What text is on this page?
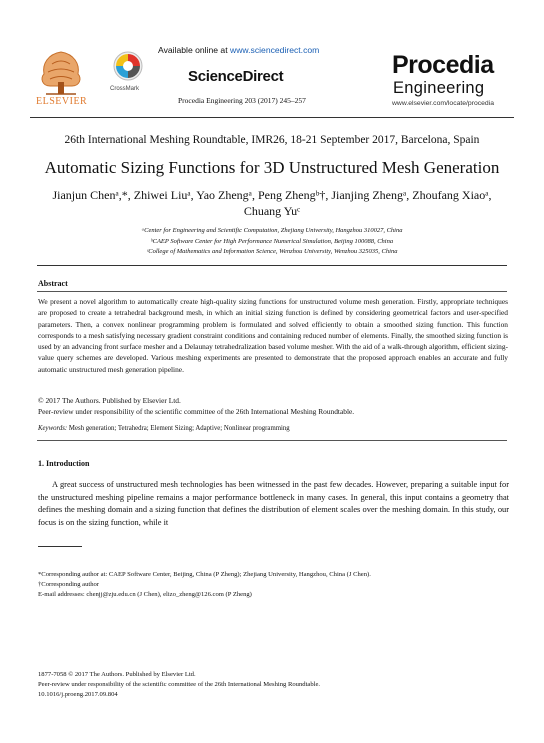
ELSEVIER
CrossMark
Available online at www.sciencedirect.com
ScienceDirect
Procedia Engineering 203 (2017) 245–257
Procedia
Engineering
www.elsevier.com/locate/procedia
26th International Meshing Roundtable, IMR26, 18-21 September 2017, Barcelona, Spain
Automatic Sizing Functions for 3D Unstructured Mesh Generation
Jianjun Chenᵃ,*, Zhiwei Liuᵃ, Yao Zhengᵃ, Peng Zhengᵇ†, Jianjing Zhengᵃ, Zhoufang Xiaoᵃ, Chuang Yuᶜ
ᵃCenter for Engineering and Scientific Computation, Zhejiang University, Hangzhou 310027, China
ᵇCAEP Software Center for High Performance Numerical Simulation, Beijing 100088, China
ᶜCollege of Mathematics and Information Science, Wenzhou University, Wenzhou 325035, China
Abstract
We present a novel algorithm to automatically create high-quality sizing functions for unstructured volume mesh generation. Firstly, appropriate techniques are proposed to create a tetrahedral background mesh, in which an initial sizing function is defined by considering geometrical factors and user-specified parameters. Then, a convex nonlinear programming problem is formulated and solved efficiently to obtain a smoothed sizing function. This function corresponds to a mesh satisfying necessary gradient constraint conditions and containing reduced number of elements. Finally, the smoothed sizing function is used by an advancing front surface mesher and a Delaunay tetrahedralization based volume mesher. With the aid of a walk-through algorithm, efficient sizing-value query schemes are developed. Various meshing experiments are presented to demonstrate that the proposed approach enables an accurate and fully automatic unstructured mesh generation pipeline.
© 2017 The Authors. Published by Elsevier Ltd.
Peer-review under responsibility of the scientific committee of the 26th International Meshing Roundtable.
Keywords: Mesh generation; Tetrahedra; Element Sizing; Adaptive; Nonlinear programming
1. Introduction
A great success of unstructured mesh technologies has been witnessed in the past few decades. However, preparing a suitable input for the unstructured meshing pipeline remains a major performance bottleneck in many cases. In general, this input contains a geometry that defines the meshing domain and a sizing function that defines the distribution of element scales over the meshing domain. In this study, our focus is on the sizing function, while it
*Corresponding author at: CAEP Software Center, Beijing, China (P Zheng); Zhejiang University, Hangzhou, China (J Chen).
†Corresponding author
E-mail addresses: chenjj@zju.edu.cn (J Chen), elizo_zheng@126.com (P Zheng)
1877-7058 © 2017 The Authors. Published by Elsevier Ltd.
Peer-review under responsibility of the scientific committee of the 26th International Meshing Roundtable.
10.1016/j.proeng.2017.09.804
